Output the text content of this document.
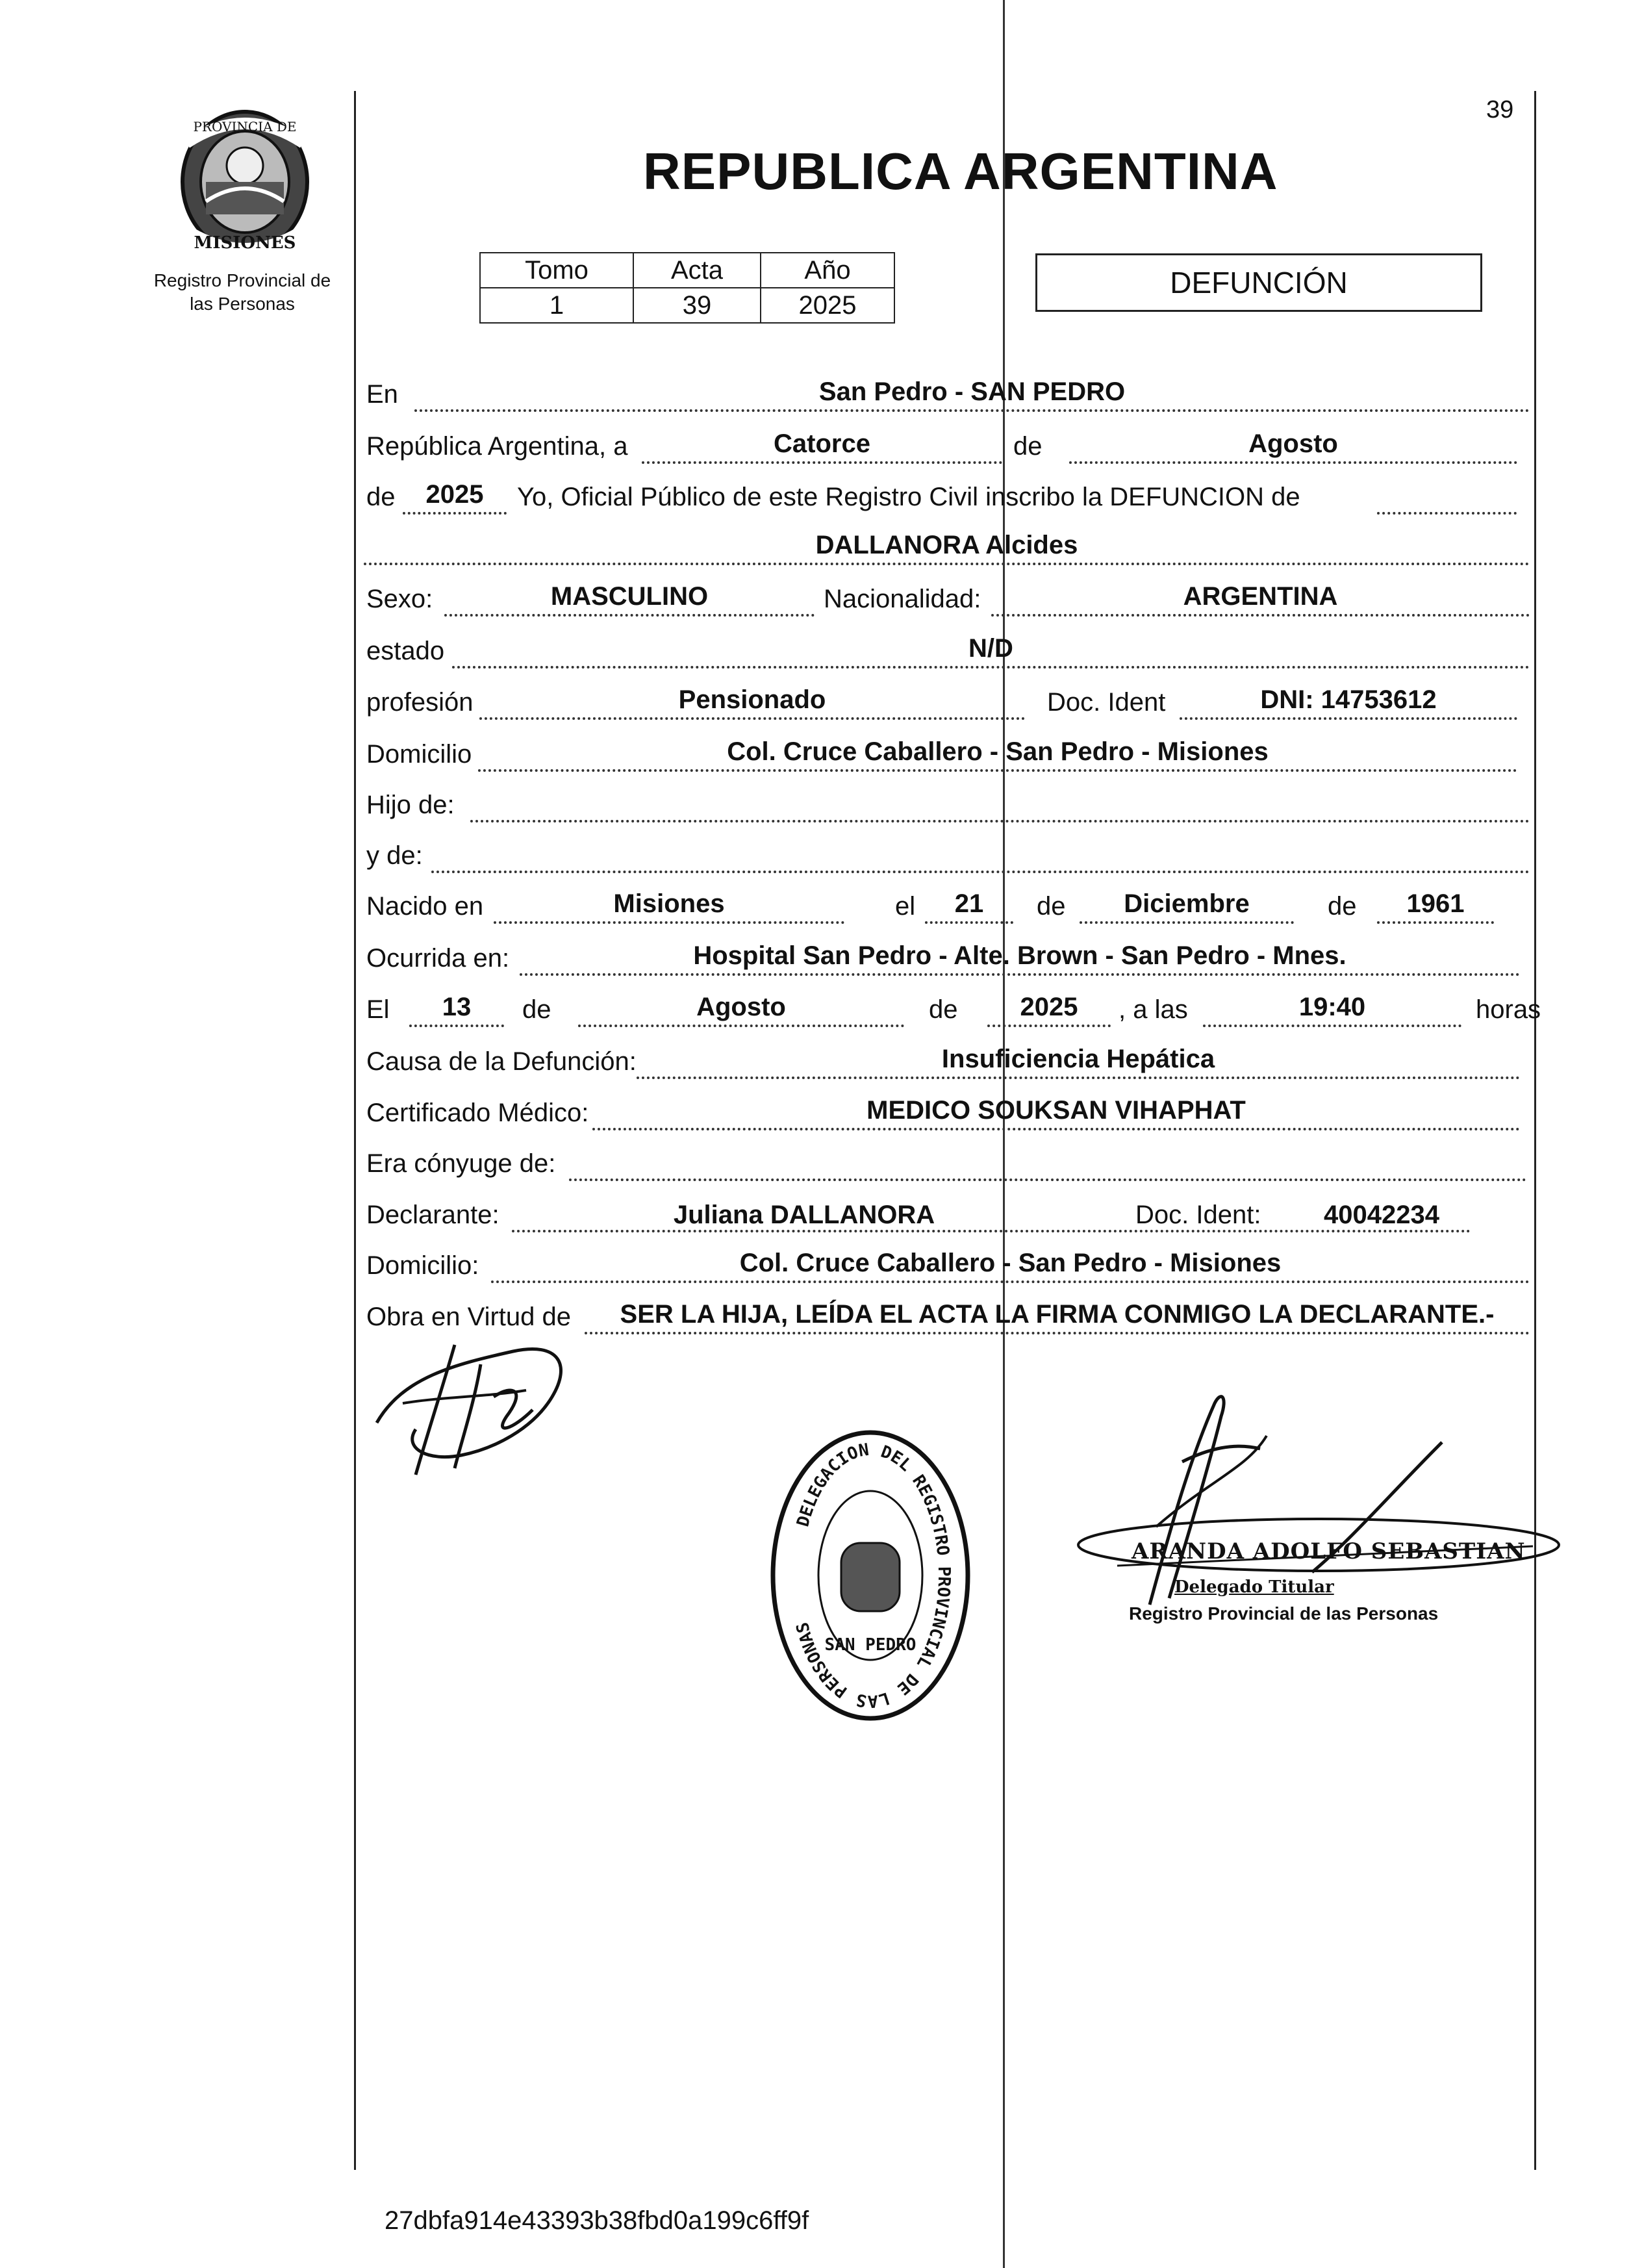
PROVINCIA DE
MISIONES
Registro Provincial de
las Personas
39
REPUBLICA ARGENTINA
Tomo	Acta	Año
1	39	2025
DEFUNCIÓN
En	San Pedro - SAN PEDRO
República Argentina, a	Catorce	de	Agosto
de 2025 Yo, Oficial Público de este Registro Civil inscribo la DEFUNCION de
DALLANORA Alcides
Sexo:	MASCULINO	Nacionalidad:	ARGENTINA
estado	N/D
profesión	Pensionado	Doc. Ident	DNI: 14753612
Domicilio	Col. Cruce Caballero - San Pedro - Misiones
Hijo de:
y de:
Nacido en	Misiones	el 21 de Diciembre	de 1961
Ocurrida en:	Hospital San Pedro - Alte. Brown - San Pedro - Mnes.
El 13 de	Agosto	de 2025 , a las	19:40	horas
Causa de la Defunción:	Insuficiencia Hepática
Certificado Médico:	MEDICO SOUKSAN VIHAPHAT
Era cónyuge de:
Declarante:	Juliana DALLANORA	Doc. Ident: 40042234
Domicilio:	Col. Cruce Caballero - San Pedro - Misiones
Obra en Virtud de SER LA HIJA, LEÍDA EL ACTA LA FIRMA CONMIGO LA DECLARANTE.-
DELEGACION DEL REGISTRO PROVINCIAL DE LAS PERSONAS
SAN PEDRO
ARANDA ADOLFO SEBASTIAN
Delegado Titular
Registro Provincial de las Personas
27dbfa914e43393b38fbd0a199c6ff9f
